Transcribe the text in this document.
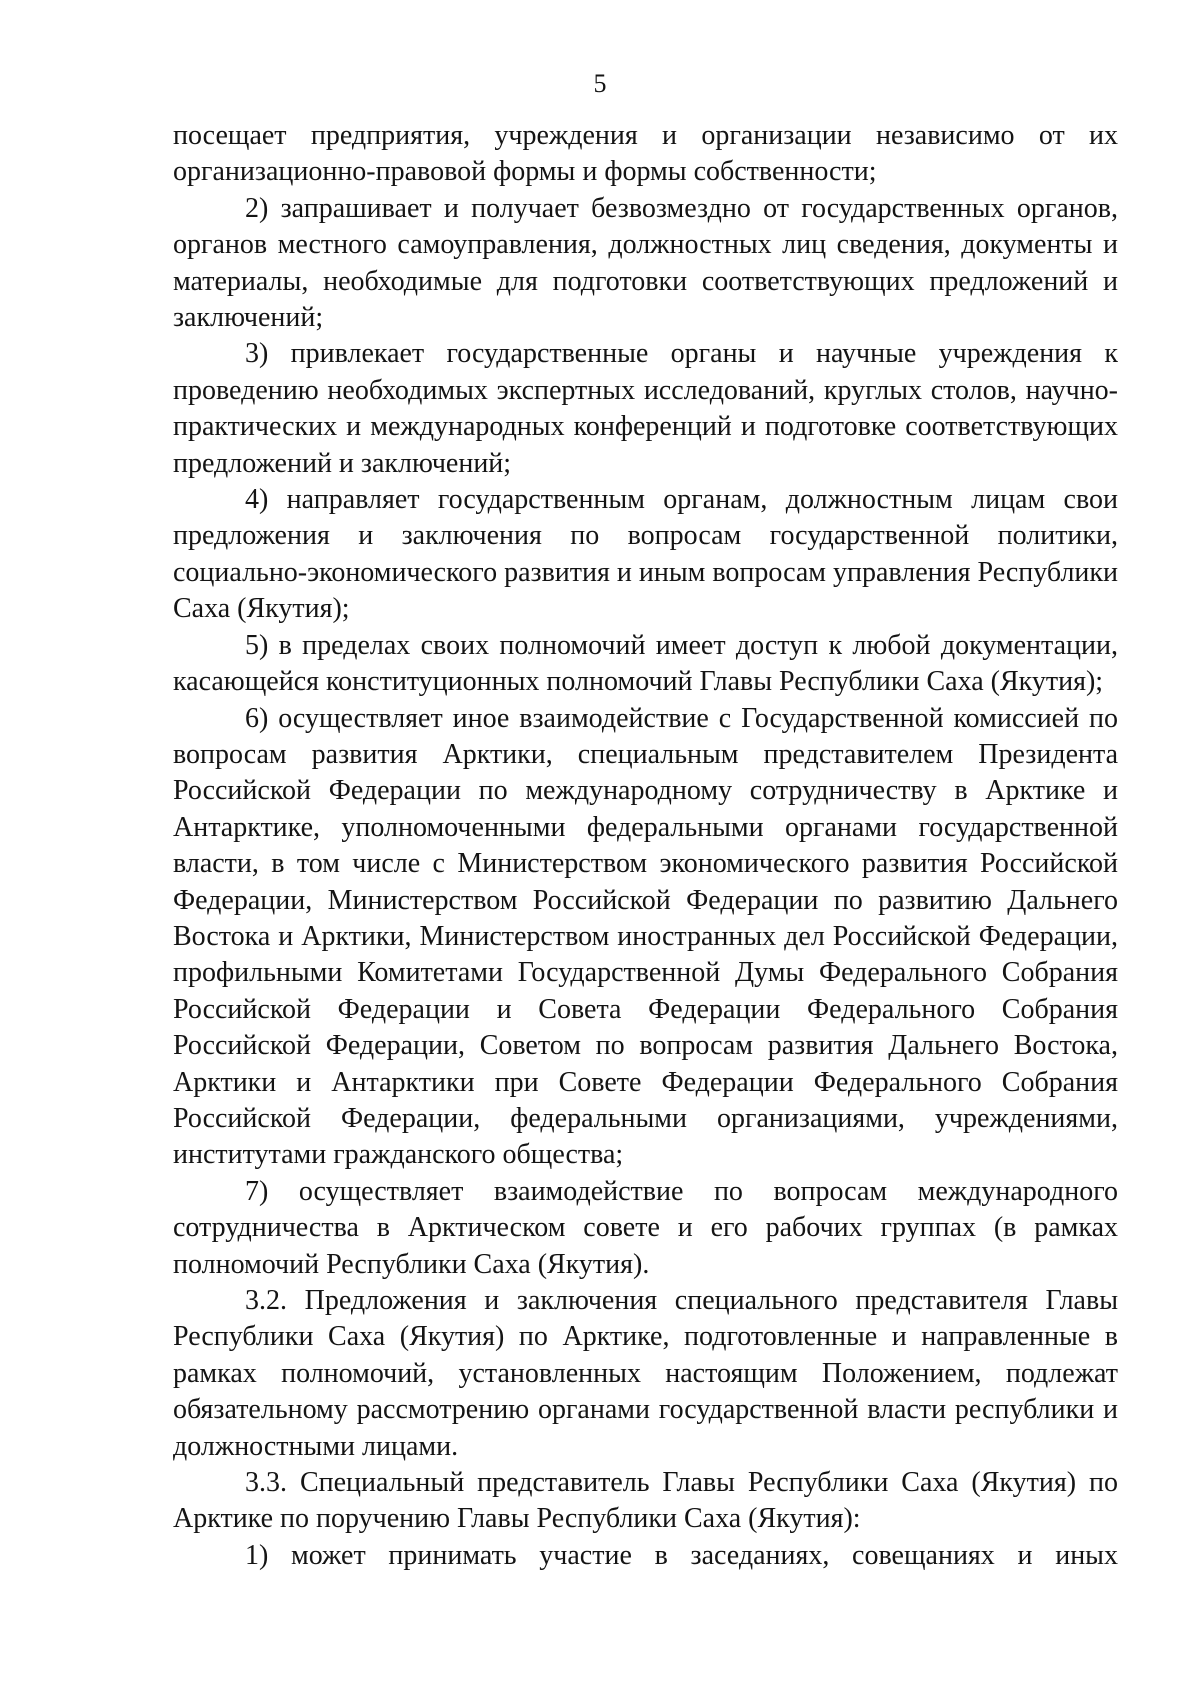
5

посещает предприятия, учреждения и организации независимо от их организационно-правовой формы и формы собственности;

2) запрашивает и получает безвозмездно от государственных органов, органов местного самоуправления, должностных лиц сведения, документы и материалы, необходимые для подготовки соответствующих предложений и заключений;

3) привлекает государственные органы и научные учреждения к проведению необходимых экспертных исследований, круглых столов, научно-практических и международных конференций и подготовке соответствующих предложений и заключений;

4) направляет государственным органам, должностным лицам свои предложения и заключения по вопросам государственной политики, социально-экономического развития и иным вопросам управления Республики Саха (Якутия);

5) в пределах своих полномочий имеет доступ к любой документации, касающейся конституционных полномочий Главы Республики Саха (Якутия);

6) осуществляет иное взаимодействие с Государственной комиссией по вопросам развития Арктики, специальным представителем Президента Российской Федерации по международному сотрудничеству в Арктике и Антарктике, уполномоченными федеральными органами государственной власти, в том числе с Министерством экономического развития Российской Федерации, Министерством Российской Федерации по развитию Дальнего Востока и Арктики, Министерством иностранных дел Российской Федерации, профильными Комитетами Государственной Думы Федерального Собрания Российской Федерации и Совета Федерации Федерального Собрания Российской Федерации, Советом по вопросам развития Дальнего Востока, Арктики и Антарктики при Совете Федерации Федерального Собрания Российской Федерации, федеральными организациями, учреждениями, институтами гражданского общества;

7) осуществляет взаимодействие по вопросам международного сотрудничества в Арктическом совете и его рабочих группах (в рамках полномочий Республики Саха (Якутия).

3.2. Предложения и заключения специального представителя Главы Республики Саха (Якутия) по Арктике, подготовленные и направленные в рамках полномочий, установленных настоящим Положением, подлежат обязательному рассмотрению органами государственной власти республики и должностными лицами.

3.3. Специальный представитель Главы Республики Саха (Якутия) по Арктике по поручению Главы Республики Саха (Якутия):

1) может принимать участие в заседаниях, совещаниях и иных
